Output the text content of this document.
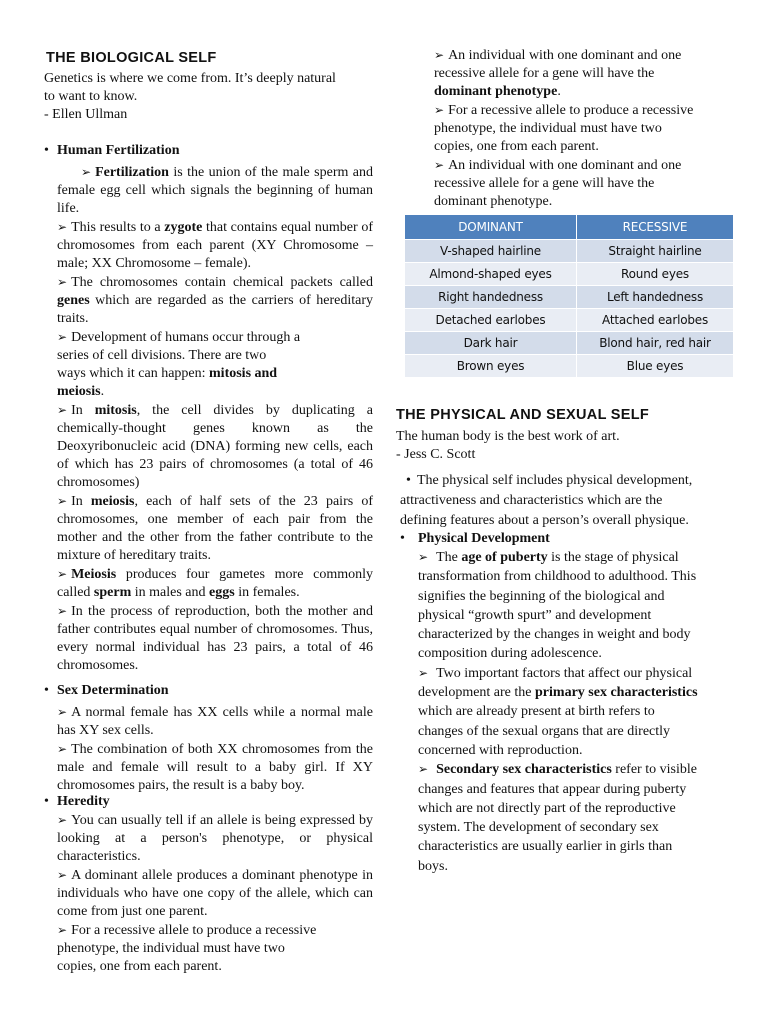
THE BIOLOGICAL SELF
Genetics is where we come from. It’s deeply natural
to want to know.
- Ellen Ullman
• Human Fertilization
➢ Fertilization is the union of the male sperm and female egg cell which signals the beginning of human life.
➢ This results to a zygote that contains equal number of chromosomes from each parent (XY Chromosome – male; XX Chromosome – female).
➢ The chromosomes contain chemical packets called genes which are regarded as the carriers of hereditary traits.
➢ Development of humans occur through a
series of cell divisions. There are two
ways which it can happen: mitosis and
meiosis.
➢ In mitosis, the cell divides by duplicating a chemically-thought genes known as the Deoxyribonucleic acid (DNA) forming new cells, each of which has 23 pairs of chromosomes (a total of 46 chromosomes)
➢ In meiosis, each of half sets of the 23 pairs of chromosomes, one member of each pair from the mother and the other from the father contribute to the mixture of hereditary traits.
➢ Meiosis produces four gametes more commonly called sperm in males and eggs in females.
➢ In the process of reproduction, both the mother and father contributes equal number of chromosomes. Thus, every normal individual has 23 pairs, a total of 46 chromosomes.
• Sex Determination
➢ A normal female has XX cells while a normal male has XY sex cells.
➢ The combination of both XX chromosomes from the male and female will result to a baby girl. If XY chromosomes pairs, the result is a baby boy.
• Heredity
➢ You can usually tell if an allele is being expressed by looking at a person's phenotype, or physical characteristics.
➢ A dominant allele produces a dominant phenotype in individuals who have one copy of the allele, which can come from just one parent.
➢ For a recessive allele to produce a recessive
phenotype, the individual must have two
copies, one from each parent.
➢ An individual with one dominant and one
recessive allele for a gene will have the
dominant phenotype.
➢ For a recessive allele to produce a recessive
phenotype, the individual must have two
copies, one from each parent.
➢ An individual with one dominant and one
recessive allele for a gene will have the
dominant phenotype.
DOMINANT	RECESSIVE
V-shaped hairline	Straight hairline
Almond-shaped eyes	Round eyes
Right handedness	Left handedness
Detached earlobes	Attached earlobes
Dark hair	Blond hair, red hair
Brown eyes	Blue eyes
THE PHYSICAL AND SEXUAL SELF
The human body is the best work of art.
- Jess C. Scott
• The physical self includes physical development,
attractiveness and characteristics which are the
defining features about a person’s overall physique.
• Physical Development
➢ The age of puberty is the stage of physical
transformation from childhood to adulthood. This
signifies the beginning of the biological and
physical “growth spurt” and development
characterized by the changes in weight and body
composition during adolescence.
➢ Two important factors that affect our physical
development are the primary sex characteristics
which are already present at birth refers to
changes of the sexual organs that are directly
concerned with reproduction.
➢ Secondary sex characteristics refer to visible
changes and features that appear during puberty
which are not directly part of the reproductive
system. The development of secondary sex
characteristics are usually earlier in girls than
boys.
